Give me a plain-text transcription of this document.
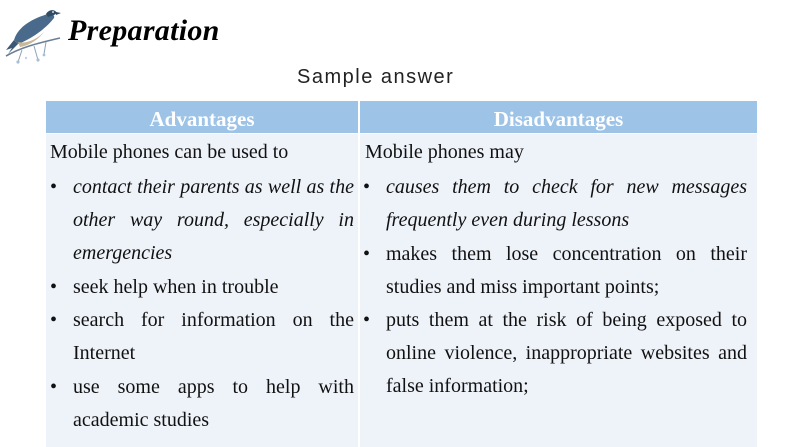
Preparation
Sample answer
Advantages	Disadvantages
Mobile phones can be used to
• contact their parents as well as the other way round, especially in emergencies
• seek help when in trouble
• search for information on the Internet
• use some apps to help with academic studies
Mobile phones may
• causes them to check for new messages frequently even during lessons
• makes them lose concentration on their studies and miss important points;
• puts them at the risk of being exposed to online violence, inappropriate websites and false information;
